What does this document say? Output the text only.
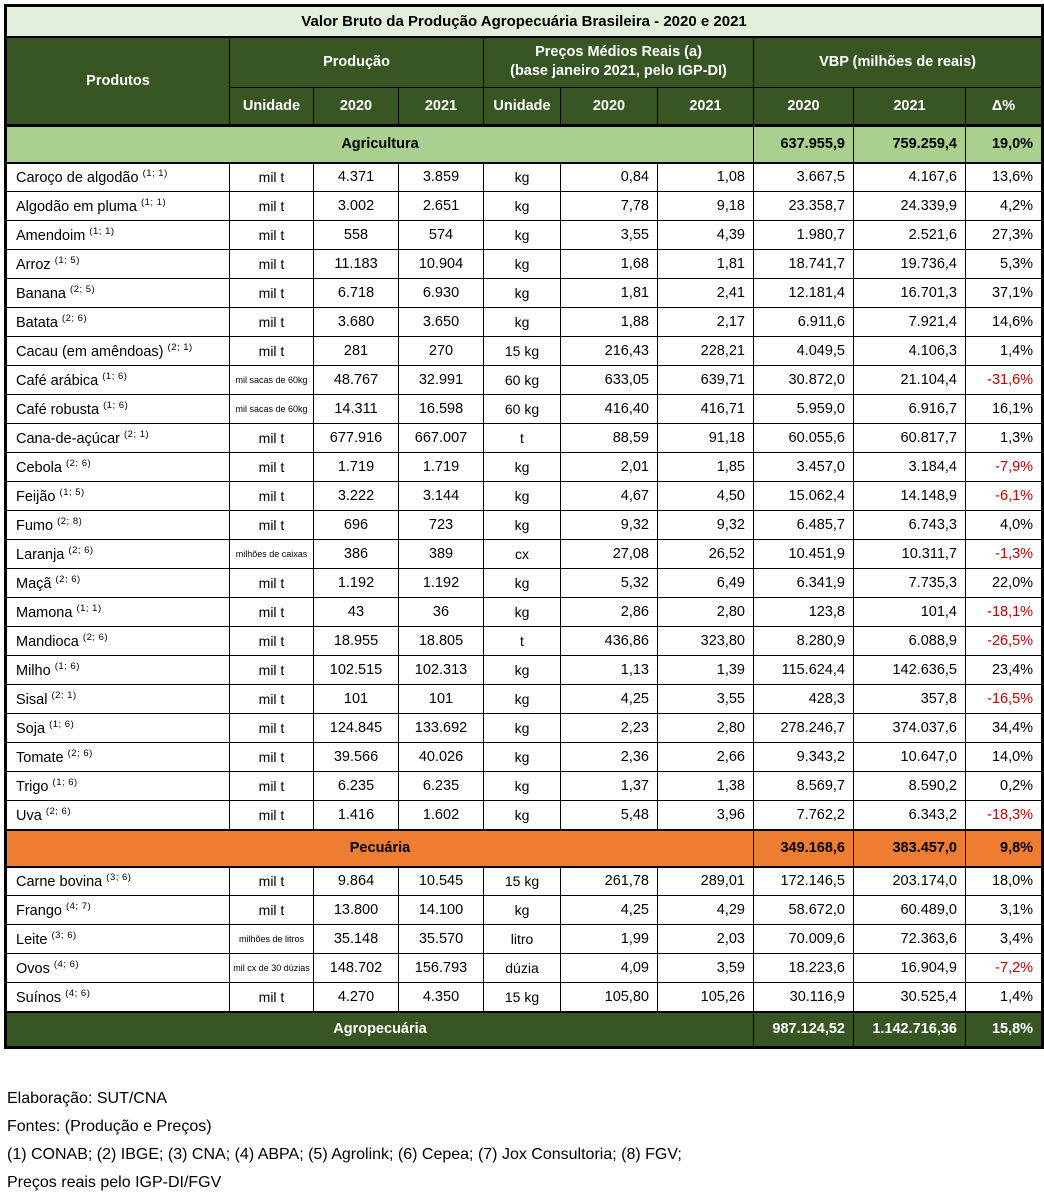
Valor Bruto da Produção Agropecuária Brasileira - 2020 e 2021									
Produtos	Produção			Preços Médios Reais (a)
(base janeiro 2021, pelo IGP-DI)			VBP (milhões de reais)		
	Unidade	2020	2021	Unidade	2020	2021	2020	2021	Δ%
Agricultura							637.955,9	759.259,4	19,0%
Caroço de algodão $^{(1; 1)}$	mil t	4.371	3.859	kg	0,84	1,08	3.667,5	4.167,6	13,6%
Algodão em pluma $^{(1; 1)}$	mil t	3.002	2.651	kg	7,78	9,18	23.358,7	24.339,9	4,2%
Amendoim $^{(1; 1)}$	mil t	558	574	kg	3,55	4,39	1.980,7	2.521,6	27,3%
Arroz $^{(1; 5)}$	mil t	11.183	10.904	kg	1,68	1,81	18.741,7	19.736,4	5,3%
Banana $^{(2; 5)}$	mil t	6.718	6.930	kg	1,81	2,41	12.181,4	16.701,3	37,1%
Batata $^{(2; 6)}$	mil t	3.680	3.650	kg	1,88	2,17	6.911,6	7.921,4	14,6%
Cacau (em amêndoas) $^{(2; 1)}$	mil t	281	270	15 kg	216,43	228,21	4.049,5	4.106,3	1,4%
Café arábica $^{(1; 6)}$	mil sacas de 60kg	48.767	32.991	60 kg	633,05	639,71	30.872,0	21.104,4	-31,6%
Café robusta $^{(1; 6)}$	mil sacas de 60kg	14.311	16.598	60 kg	416,40	416,71	5.959,0	6.916,7	16,1%
Cana-de-açúcar $^{(2; 1)}$	mil t	677.916	667.007	t	88,59	91,18	60.055,6	60.817,7	1,3%
Cebola $^{(2; 6)}$	mil t	1.719	1.719	kg	2,01	1,85	3.457,0	3.184,4	-7,9%
Feijão $^{(1; 5)}$	mil t	3.222	3.144	kg	4,67	4,50	15.062,4	14.148,9	-6,1%
Fumo $^{(2; 8)}$	mil t	696	723	kg	9,32	9,32	6.485,7	6.743,3	4,0%
Laranja $^{(2; 6)}$	milhões de caixas	386	389	cx	27,08	26,52	10.451,9	10.311,7	-1,3%
Maçã $^{(2; 6)}$	mil t	1.192	1.192	kg	5,32	6,49	6.341,9	7.735,3	22,0%
Mamona $^{(1; 1)}$	mil t	43	36	kg	2,86	2,80	123,8	101,4	-18,1%
Mandioca $^{(2; 6)}$	mil t	18.955	18.805	t	436,86	323,80	8.280,9	6.088,9	-26,5%
Milho $^{(1; 6)}$	mil t	102.515	102.313	kg	1,13	1,39	115.624,4	142.636,5	23,4%
Sisal $^{(2; 1)}$	mil t	101	101	kg	4,25	3,55	428,3	357,8	-16,5%
Soja $^{(1; 6)}$	mil t	124.845	133.692	kg	2,23	2,80	278.246,7	374.037,6	34,4%
Tomate $^{(2; 6)}$	mil t	39.566	40.026	kg	2,36	2,66	9.343,2	10.647,0	14,0%
Trigo $^{(1; 6)}$	mil t	6.235	6.235	kg	1,37	1,38	8.569,7	8.590,2	0,2%
Uva $^{(2; 6)}$	mil t	1.416	1.602	kg	5,48	3,96	7.762,2	6.343,2	-18,3%
Pecuária							349.168,6	383.457,0	9,8%
Carne bovina $^{(3; 6)}$	mil t	9.864	10.545	15 kg	261,78	289,01	172.146,5	203.174,0	18,0%
Frango $^{(4; 7)}$	mil t	13.800	14.100	kg	4,25	4,29	58.672,0	60.489,0	3,1%
Leite $^{(3; 6)}$	milhões de litros	35.148	35.570	litro	1,99	2,03	70.009,6	72.363,6	3,4%
Ovos $^{(4; 6)}$	mil cx de 30 dúzias	148.702	156.793	dúzia	4,09	3,59	18.223,6	16.904,9	-7,2%
Suínos $^{(4; 6)}$	mil t	4.270	4.350	15 kg	105,80	105,26	30.116,9	30.525,4	1,4%
Agropecuária							987.124,52	1.142.716,36	15,8%
Elaboração: SUT/CNA
Fontes: (Produção e Preços)
(1) CONAB; (2) IBGE; (3) CNA; (4) ABPA; (5) Agrolink; (6) Cepea; (7) Jox Consultoria; (8) FGV;
Preços reais pelo IGP-DI/FGV
